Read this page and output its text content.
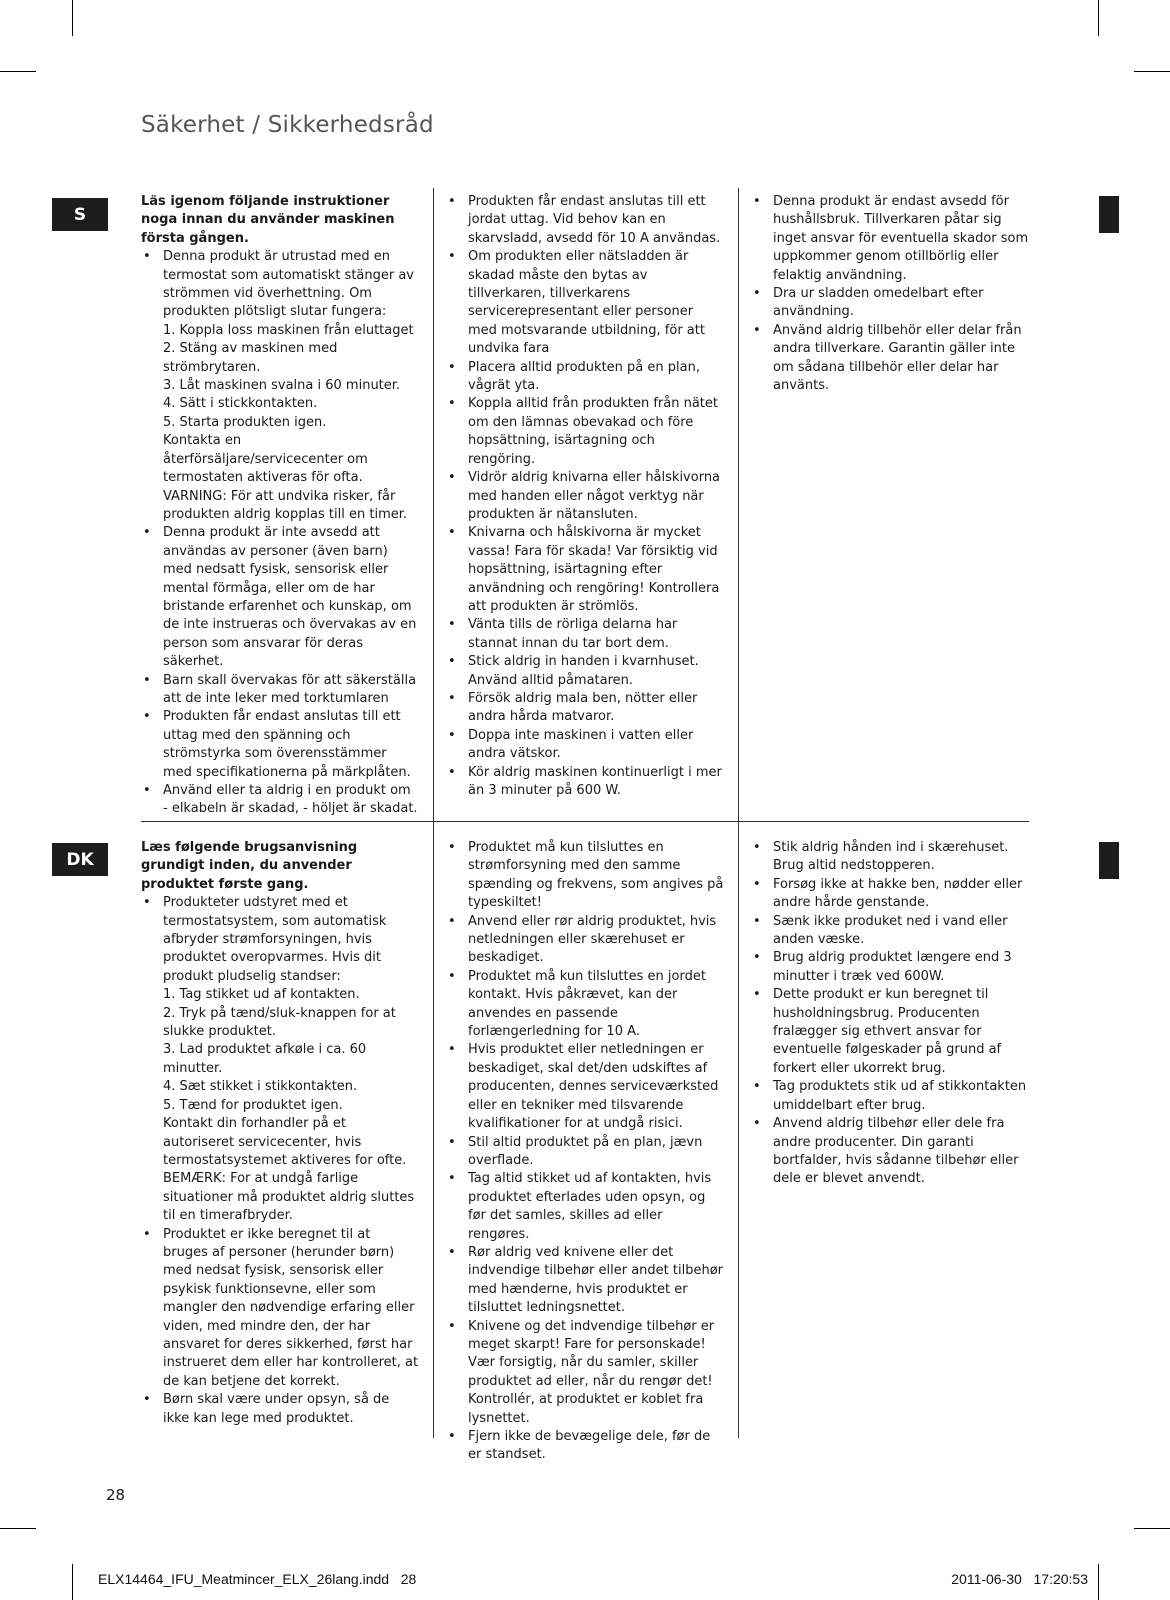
Säkerhet / Sikkerhedsråd
S

Läs igenom följande instruktioner noga innan du använder maskinen första gången.

• Denna produkt är utrustad med en termostat som automatiskt stänger av strömmen vid överhettning. Om produkten plötsligt slutar fungera:
1. Koppla loss maskinen från eluttaget
2. Stäng av maskinen med strömbrytaren.
3. Låt maskinen svalna i 60 minuter.
4. Sätt i stickkontakten.
5. Starta produkten igen.
Kontakta en återförsäljare/servicecenter om termostaten aktiveras för ofta.
VARNING: För att undvika risker, får produkten aldrig kopplas till en timer.
• Denna produkt är inte avsedd att användas av personer (även barn) med nedsatt fysisk, sensorisk eller mental förmåga, eller om de har bristande erfarenhet och kunskap, om de inte instrueras och övervakas av en person som ansvarar för deras säkerhet.
• Barn skall övervakas för att säkerställa att de inte leker med torktumlaren
• Produkten får endast anslutas till ett uttag med den spänning och strömstyrka som överensstämmer med specifikationerna på märkplåten.
• Använd eller ta aldrig i en produkt om - elkabeln är skadad, - höljet är skadat.
• Produkten får endast anslutas till ett jordat uttag. Vid behov kan en skarvsladd, avsedd för 10 A användas.
• Om produkten eller nätsladden är skadad måste den bytas av tillverkaren, tillverkarens servicerepresentant eller personer med motsvarande utbildning, för att undvika fara
• Placera alltid produkten på en plan, vågrät yta.
• Koppla alltid från produkten från nätet om den lämnas obevakad och före hopsättning, isärtagning och rengöring.
• Vidrör aldrig knivarna eller hålskivorna med handen eller något verktyg när produkten är nätansluten.
• Knivarna och hålskivorna är mycket vassa! Fara för skada! Var försiktig vid hopsättning, isärtagning efter användning och rengöring! Kontrollera att produkten är strömlös.
• Vänta tills de rörliga delarna har stannat innan du tar bort dem.
• Stick aldrig in handen i kvarnhuset. Använd alltid påmataren.
• Försök aldrig mala ben, nötter eller andra hårda matvaror.
• Doppa inte maskinen i vatten eller andra vätskor.
• Kör aldrig maskinen kontinuerligt i mer än 3 minuter på 600 W.
• Denna produkt är endast avsedd för hushållsbruk. Tillverkaren påtar sig inget ansvar för eventuella skador som uppkommer genom otillbörlig eller felaktig användning.
• Dra ur sladden omedelbart efter användning.
• Använd aldrig tillbehör eller delar från andra tillverkare. Garantin gäller inte om sådana tillbehör eller delar har använts.
DK

Læs følgende brugsanvisning grundigt inden, du anvender produktet første gang.

• Produkteter udstyret med et termostatsystem, som automatisk afbryder strømforsyningen, hvis produktet overopvarmes. Hvis dit produkt pludselig standser:
1. Tag stikket ud af kontakten.
2. Tryk på tænd/sluk-knappen for at slukke produktet.
3. Lad produktet afkøle i ca. 60 minutter.
4. Sæt stikket i stikkontakten.
5. Tænd for produktet igen.
Kontakt din forhandler på et autoriseret servicecenter, hvis termostatsystemet aktiveres for ofte.
BEMÆRK: For at undgå farlige situationer må produktet aldrig sluttes til en timerafbryder.
• Produktet er ikke beregnet til at bruges af personer (herunder børn) med nedsat fysisk, sensorisk eller psykisk funktionsevne, eller som mangler den nødvendige erfaring eller viden, med mindre den, der har ansvaret for deres sikkerhed, først har instrueret dem eller har kontrolleret, at de kan betjene det korrekt.
• Børn skal være under opsyn, så de ikke kan lege med produktet.
• Produktet må kun tilsluttes en strømforsyning med den samme spænding og frekvens, som angives på typeskiltet!
• Anvend eller rør aldrig produktet, hvis netledningen eller skærehuset er beskadiget.
• Produktet må kun tilsluttes en jordet kontakt. Hvis påkrævet, kan der anvendes en passende forlængerledning for 10 A.
• Hvis produktet eller netledningen er beskadiget, skal det/den udskiftes af producenten, dennes serviceværksted eller en tekniker med tilsvarende kvalifikationer for at undgå risici.
• Stil altid produktet på en plan, jævn overflade.
• Tag altid stikket ud af kontakten, hvis produktet efterlades uden opsyn, og før det samles, skilles ad eller rengøres.
• Rør aldrig ved knivene eller det indvendige tilbehør eller andet tilbehør med hænderne, hvis produktet er tilsluttet ledningsnettet.
• Knivene og det indvendige tilbehør er meget skarpt! Fare for personskade! Vær forsigtig, når du samler, skiller produktet ad eller, når du rengør det! Kontrollér, at produktet er koblet fra lysnettet.
• Fjern ikke de bevægelige dele, før de er standset.
• Stik aldrig hånden ind i skærehuset. Brug altid nedstopperen.
• Forsøg ikke at hakke ben, nødder eller andre hårde genstande.
• Sænk ikke produket ned i vand eller anden væske.
• Brug aldrig produktet længere end 3 minutter i træk ved 600W.
• Dette produkt er kun beregnet til husholdningsbrug. Producenten fralægger sig ethvert ansvar for eventuelle følgeskader på grund af forkert eller ukorrekt brug.
• Tag produktets stik ud af stikkontakten umiddelbart efter brug.
• Anvend aldrig tilbehør eller dele fra andre producenter. Din garanti bortfalder, hvis sådanne tilbehør eller dele er blevet anvendt.
28
ELX14464_IFU_Meatmincer_ELX_26lang.indd   28	2011-06-30   17:20:53
